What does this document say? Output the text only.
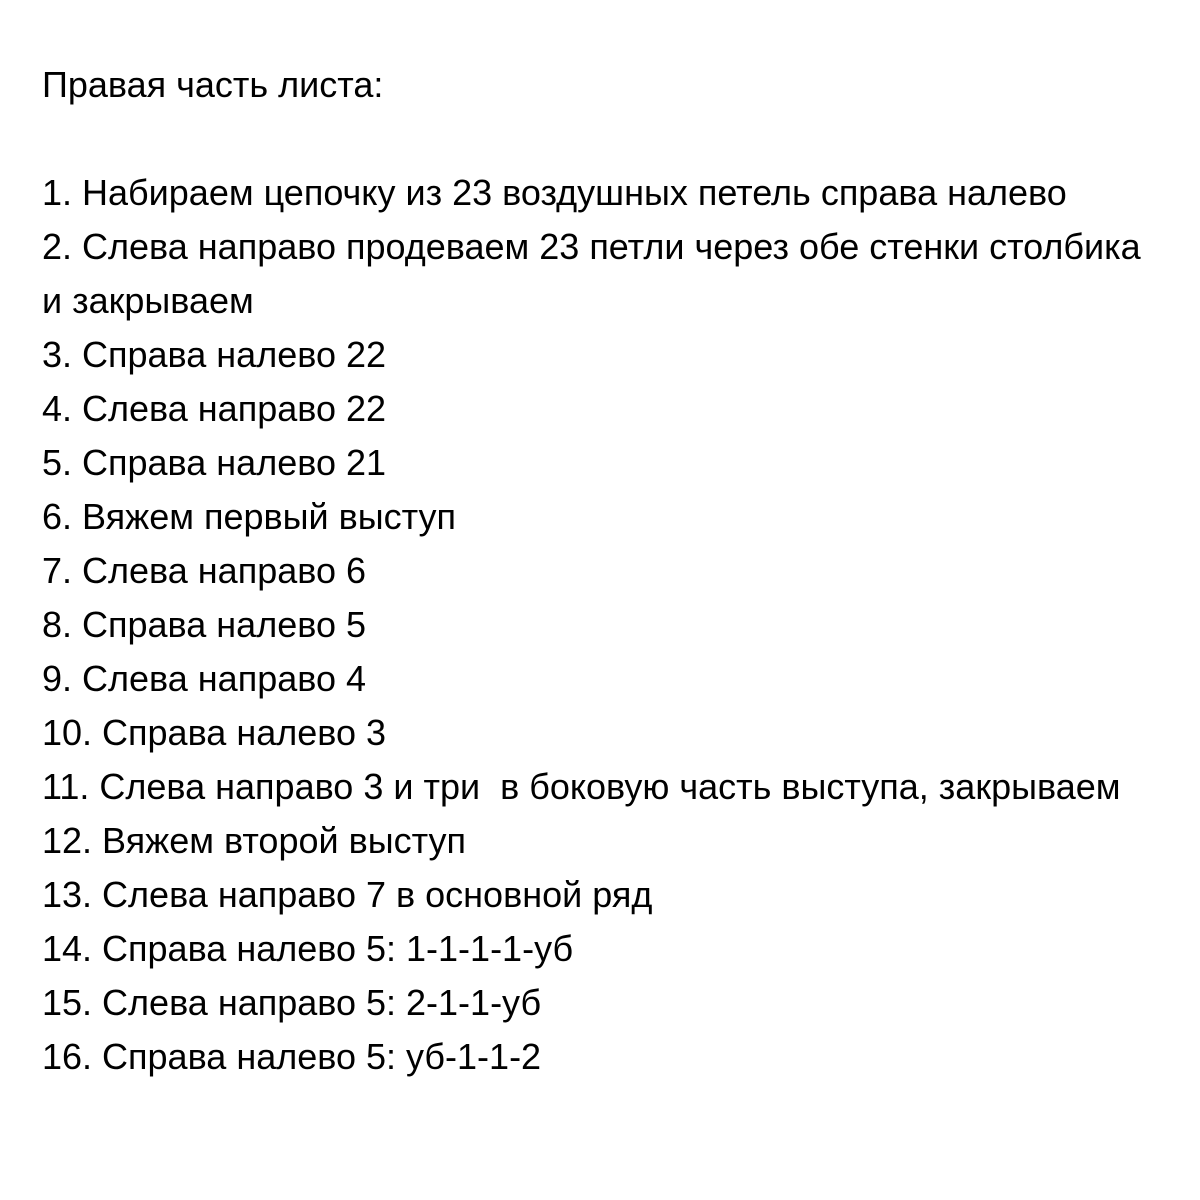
Правая часть листа:
1. Набираем цепочку из 23 воздушных петель справа налево
2. Слева направо продеваем 23 петли через обе стенки столбика и закрываем
3. Справа налево 22
4. Слева направо 22
5. Справа налево 21
6. Вяжем первый выступ
7. Слева направо 6
8. Справа налево 5
9. Слева направо 4
10. Справа налево 3
11. Слева направо 3 и три  в боковую часть выступа, закрываем
12. Вяжем второй выступ
13. Слева направо 7 в основной ряд
14. Справа налево 5: 1-1-1-1-уб
15. Слева направо 5: 2-1-1-уб
16. Справа налево 5: уб-1-1-2
